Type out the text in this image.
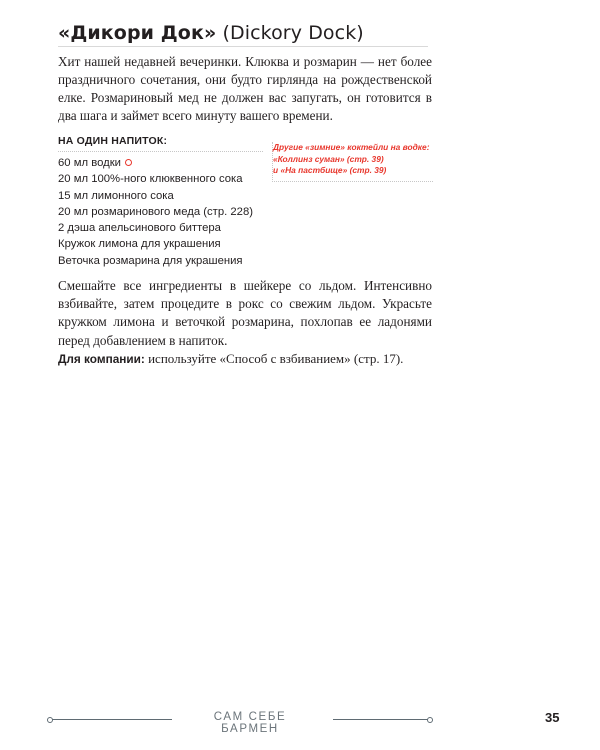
«Дикори Док» (Dickory Dock)

Хит нашей недавней вечеринки. Клюква и розмарин — нет более праздничного сочетания, они будто гирлянда на рождественской елке. Розмариновый мед не должен вас запугать, он готовится в два шага и займет всего минуту вашего времени.

НА ОДИН НАПИТОК:
60 мл водки
20 мл 100%-ного клюквенного сока
15 мл лимонного сока
20 мл розмаринового меда (стр. 228)
2 дэша апельсинового биттера
Кружок лимона для украшения
Веточка розмарина для украшения
Другие «зимние» коктейли на водке:
«Коллинз суман» (стр. 39)
и «На пастбище» (стр. 39)

Смешайте все ингредиенты в шейкере со льдом. Интенсивно взбивайте, затем процедите в рокс со свежим льдом. Украсьте кружком лимона и веточкой розмарина, похлопав ее ладонями перед добавлением в напиток.

Для компании: используйте «Способ с взбиванием» (стр. 17).

САМ СЕБЕ БАРМЕН
35
